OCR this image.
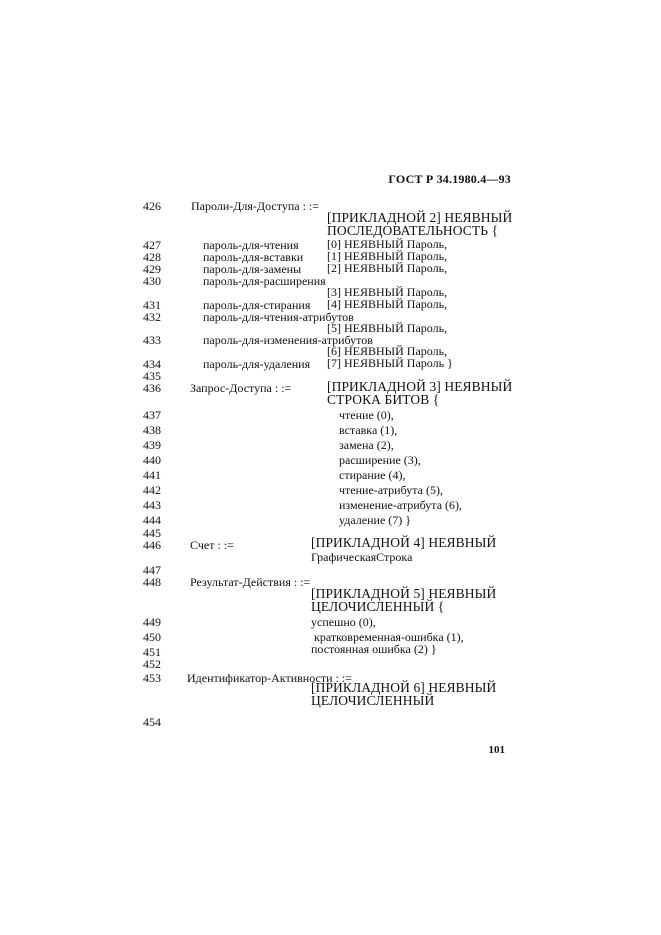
ГОСТ Р 34.1980.4—93
426	Пароли-Для-Доступа : :=
[ПРИКЛАДНОЙ 2] НЕЯВНЫЙ
ПОСЛЕДОВАТЕЛЬНОСТЬ {
427	пароль-для-чтения [0] НЕЯВНЫЙ Пароль,
428	пароль-для-вставки [1] НЕЯВНЫЙ Пароль,
429	пароль-для-замены [2] НЕЯВНЫЙ Пароль,
430	пароль-для-расширения
[3] НЕЯВНЫЙ Пароль,
431	пароль-для-стирания [4] НЕЯВНЫЙ Пароль,
432	пароль-для-чтения-атрибутов
[5] НЕЯВНЫЙ Пароль,
433	пароль-для-изменения-атрибутов
[6] НЕЯВНЫЙ Пароль,
434	пароль-для-удаления [7] НЕЯВНЫЙ Пароль }
435
436 Запрос-Доступа : :=	[ПРИКЛАДНОЙ 3] НЕЯВНЫЙ
СТРОКА БИТОВ {
437	чтение (0),
438	вставка (1),
439	замена (2),
440	расширение (3),
441	стирание (4),
442	чтение-атрибута (5),
443	изменение-атрибута (6),
444	удаление (7) }
445
446 Счет : :=	[ПРИКЛАДНОЙ 4] НЕЯВНЫЙ
ГрафическаяСтрока
447
448 Результат-Действия : :=
[ПРИКЛАДНОЙ 5] НЕЯВНЫЙ
ЦЕЛОЧИСЛЕННЫЙ {
449	успешно (0),
450	кратковременная-ошибка (1),
451	постоянная ошибка (2) }
452
453 Идентификатор-Активности : :=
[ПРИКЛАДНОЙ 6] НЕЯВНЫЙ
ЦЕЛОЧИСЛЕННЫЙ
454
101
